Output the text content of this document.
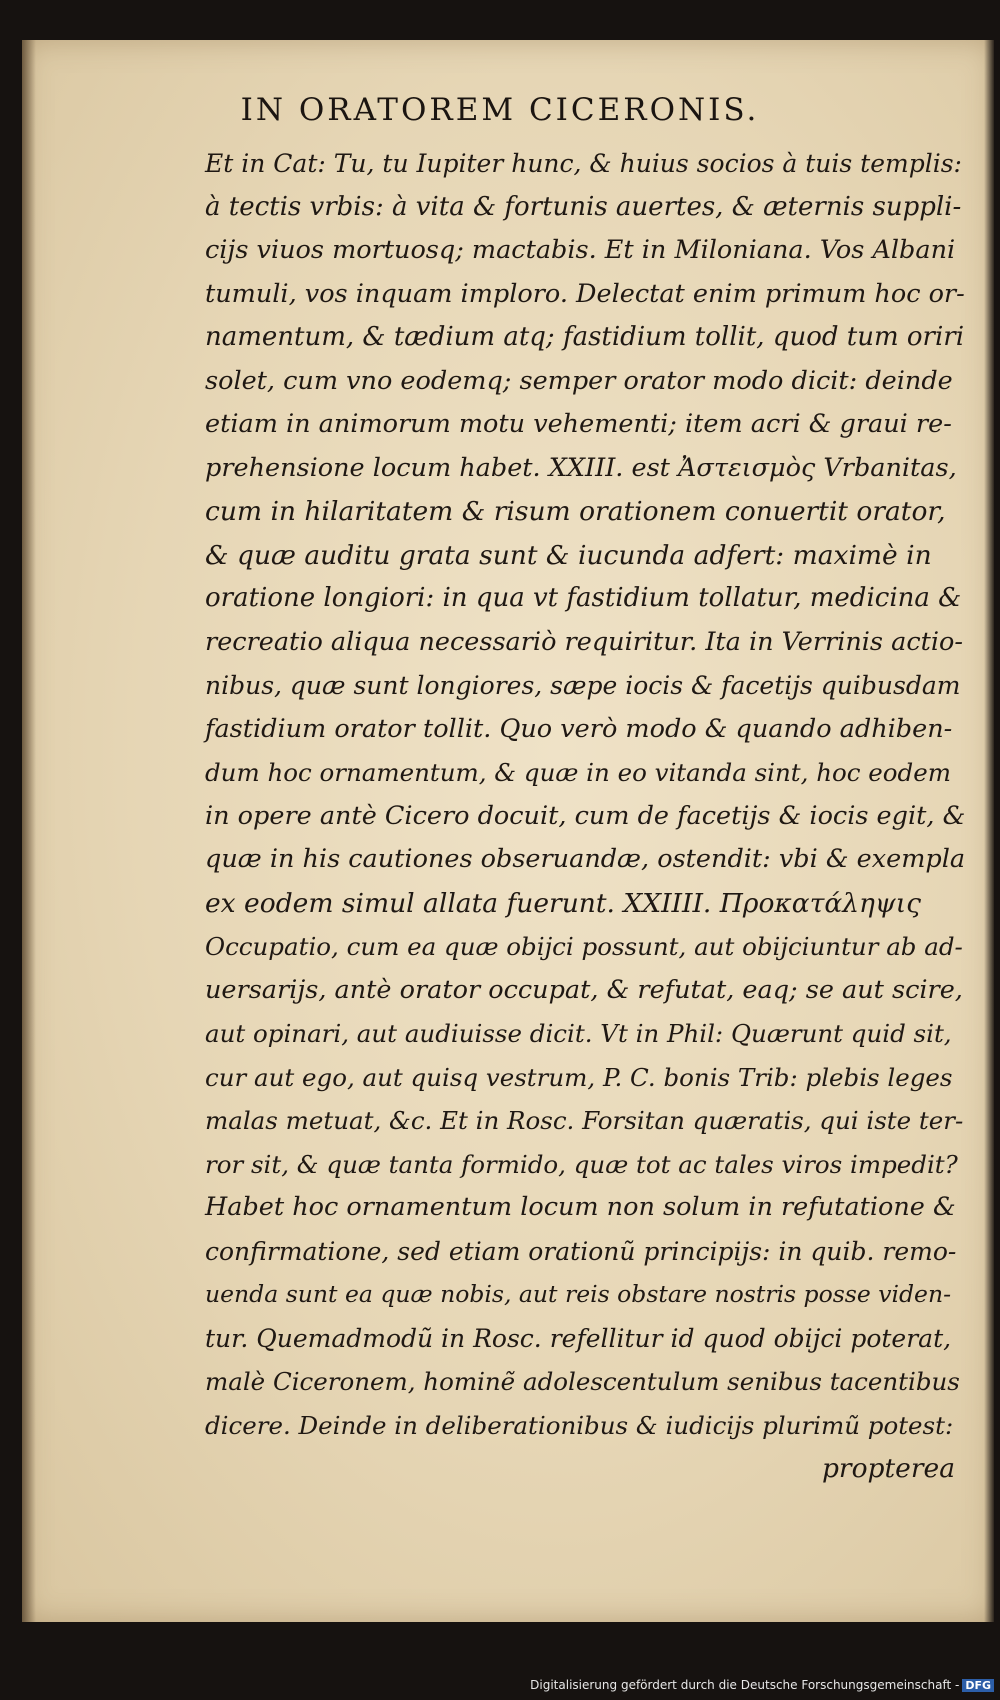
IN ORATOREM CICERONIS.
Et in Cat: Tu, tu Iupiter hunc, & huius socios à tuis templis:
à tectis vrbis: à vita & fortunis auertes, & æternis suppli-
cijs viuos mortuosq; mactabis. Et in Miloniana. Vos Albani
tumuli, vos inquam imploro. Delectat enim primum hoc or-
namentum, & tædium atq; fastidium tollit, quod tum oriri
solet, cum vno eodemq; semper orator modo dicit: deinde
etiam in animorum motu vehementi; item acri & graui re-
prehensione locum habet. XXIII. est Ἀστεισμὸς Vrbanitas,
cum in hilaritatem & risum orationem conuertit orator,
& quæ auditu grata sunt & iucunda adfert: maximè in
oratione longiori: in qua vt fastidium tollatur, medicina &
recreatio aliqua necessariò requiritur. Ita in Verrinis actio-
nibus, quæ sunt longiores, sæpe iocis & facetijs quibusdam
fastidium orator tollit. Quo verò modo & quando adhiben-
dum hoc ornamentum, & quæ in eo vitanda sint, hoc eodem
in opere antè Cicero docuit, cum de facetijs & iocis egit, &
quæ in his cautiones obseruandæ, ostendit: vbi & exempla
ex eodem simul allata fuerunt. XXIIII. Προκατάληψις
Occupatio, cum ea quæ obijci possunt, aut obijciuntur ab ad-
uersarijs, antè orator occupat, & refutat, eaq; se aut scire,
aut opinari, aut audiuisse dicit. Vt in Phil: Quærunt quid sit,
cur aut ego, aut quisq vestrum, P. C. bonis Trib: plebis leges
malas metuat, &c. Et in Rosc. Forsitan quæratis, qui iste ter-
ror sit, & quæ tanta formido, quæ tot ac tales viros impedit?
Habet hoc ornamentum locum non solum in refutatione &
confirmatione, sed etiam orationũ principijs: in quib. remo-
uenda sunt ea quæ nobis, aut reis obstare nostris posse viden-
tur. Quemadmodũ in Rosc. refellitur id quod obijci poterat,
malè Ciceronem, hominẽ adolescentulum senibus tacentibus
dicere. Deinde in deliberationibus & iudicijs plurimũ potest:
propterea
Digitalisierung gefördert durch die Deutsche Forschungsgemeinschaft - DFG
